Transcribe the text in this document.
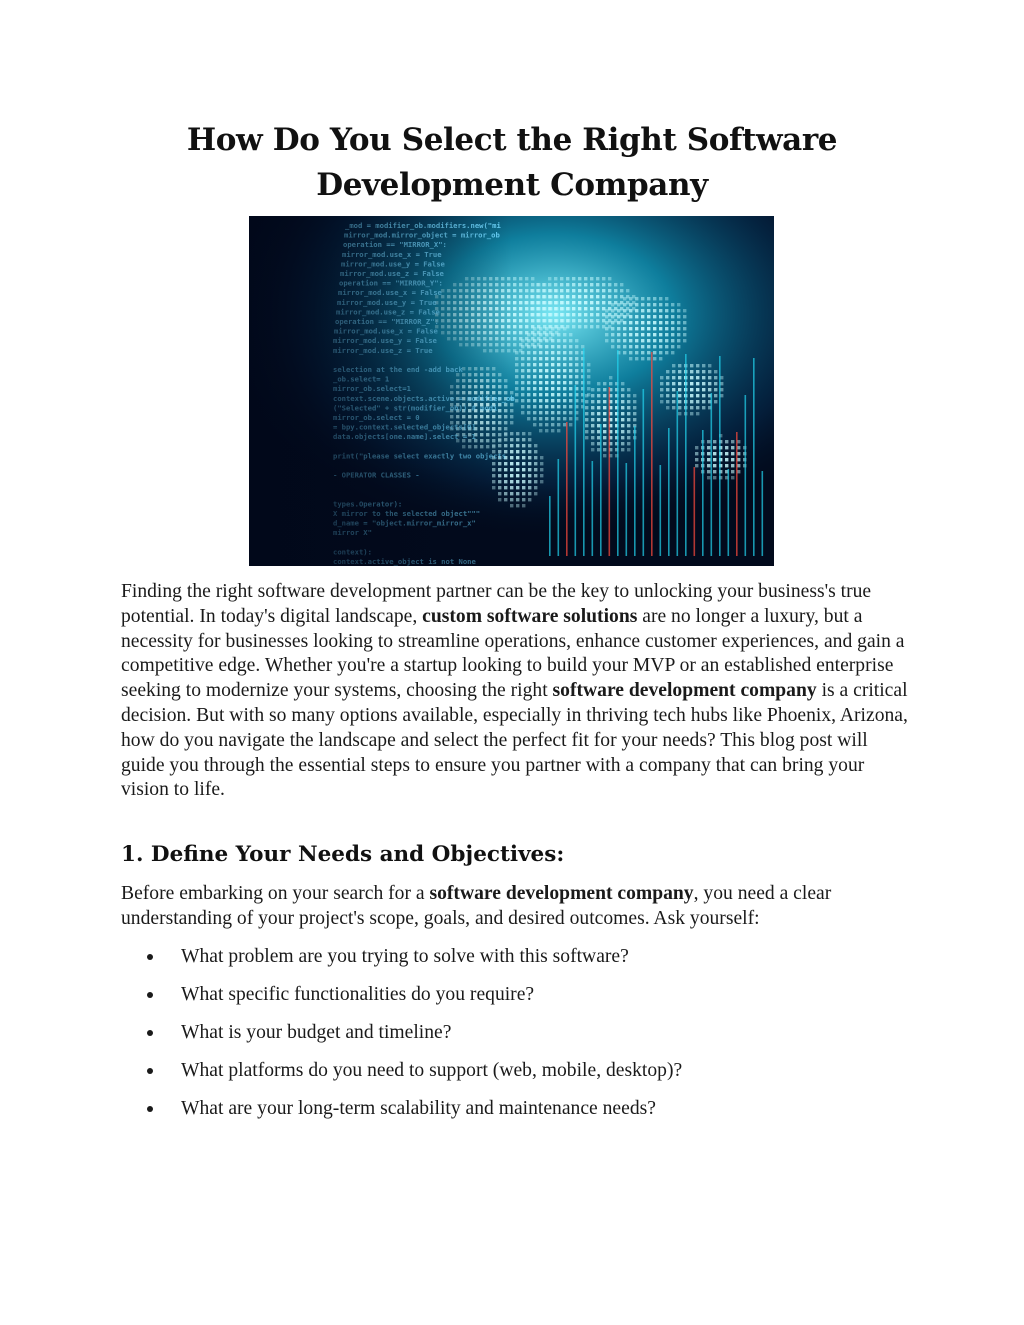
How Do You Select the Right Software Development Company

Finding the right software development partner can be the key to unlocking your business's true potential. In today's digital landscape, custom software solutions are no longer a luxury, but a necessity for businesses looking to streamline operations, enhance customer experiences, and gain a competitive edge. Whether you're a startup looking to build your MVP or an established enterprise seeking to modernize your systems, choosing the right software development company is a critical decision. But with so many options available, especially in thriving tech hubs like Phoenix, Arizona, how do you navigate the landscape and select the perfect fit for your needs? This blog post will guide you through the essential steps to ensure you partner with a company that can bring your vision to life.

1. Define Your Needs and Objectives:

Before embarking on your search for a software development company, you need a clear understanding of your project's scope, goals, and desired outcomes. Ask yourself:

What problem are you trying to solve with this software?
What specific functionalities do you require?
What is your budget and timeline?
What platforms do you need to support (web, mobile, desktop)?
What are your long-term scalability and maintenance needs?
